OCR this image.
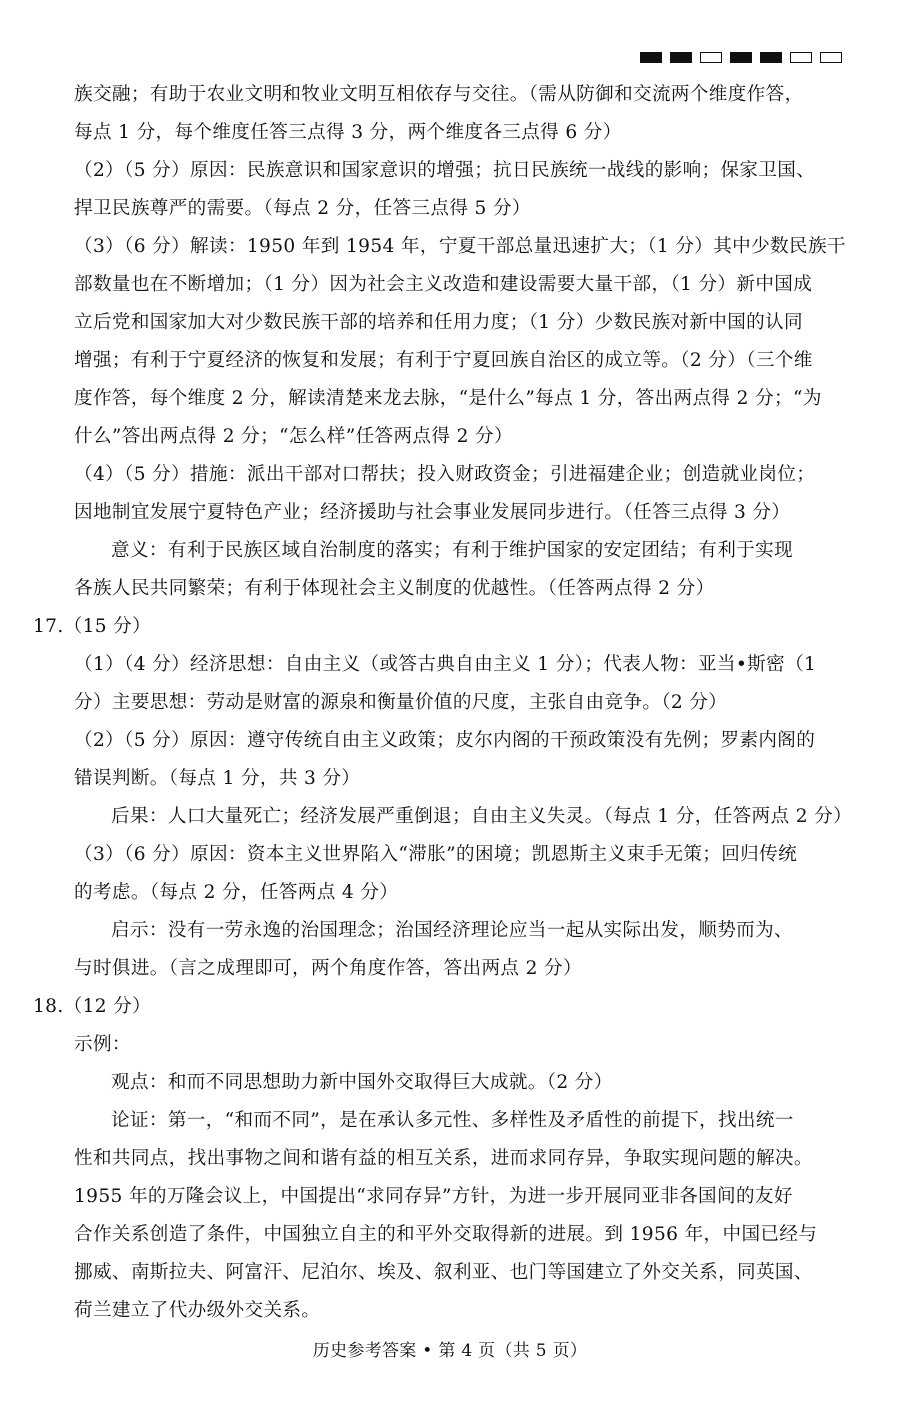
族交融；有助于农业文明和牧业文明互相依存与交往。（需从防御和交流两个维度作答，
每点 1 分，每个维度任答三点得 3 分，两个维度各三点得 6 分）
（2）（5 分）原因：民族意识和国家意识的增强；抗日民族统一战线的影响；保家卫国、
捍卫民族尊严的需要。（每点 2 分，任答三点得 5 分）
（3）（6 分）解读：1950 年到 1954 年，宁夏干部总量迅速扩大；（1 分）其中少数民族干
部数量也在不断增加；（1 分）因为社会主义改造和建设需要大量干部，（1 分）新中国成
立后党和国家加大对少数民族干部的培养和任用力度；（1 分）少数民族对新中国的认同
增强；有利于宁夏经济的恢复和发展；有利于宁夏回族自治区的成立等。（2 分）（三个维
度作答，每个维度 2 分，解读清楚来龙去脉，“是什么”每点 1 分，答出两点得 2 分；“为
什么”答出两点得 2 分；“怎么样”任答两点得 2 分）
（4）（5 分）措施：派出干部对口帮扶；投入财政资金；引进福建企业；创造就业岗位；
因地制宜发展宁夏特色产业；经济援助与社会事业发展同步进行。（任答三点得 3 分）
意义：有利于民族区域自治制度的落实；有利于维护国家的安定团结；有利于实现
各族人民共同繁荣；有利于体现社会主义制度的优越性。（任答两点得 2 分）
17.（15 分）
（1）（4 分）经济思想：自由主义（或答古典自由主义 1 分）；代表人物：亚当•斯密（1
分）主要思想：劳动是财富的源泉和衡量价值的尺度，主张自由竞争。（2 分）
（2）（5 分）原因：遵守传统自由主义政策；皮尔内阁的干预政策没有先例；罗素内阁的
错误判断。（每点 1 分，共 3 分）
后果：人口大量死亡；经济发展严重倒退；自由主义失灵。（每点 1 分，任答两点 2 分）
（3）（6 分）原因：资本主义世界陷入“滞胀”的困境；凯恩斯主义束手无策；回归传统
的考虑。（每点 2 分，任答两点 4 分）
启示：没有一劳永逸的治国理念；治国经济理论应当一起从实际出发，顺势而为、
与时俱进。（言之成理即可，两个角度作答，答出两点 2 分）
18.（12 分）
示例：
观点：和而不同思想助力新中国外交取得巨大成就。（2 分）
论证：第一，“和而不同”，是在承认多元性、多样性及矛盾性的前提下，找出统一
性和共同点，找出事物之间和谐有益的相互关系，进而求同存异，争取实现问题的解决。
1955 年的万隆会议上，中国提出“求同存异”方针，为进一步开展同亚非各国间的友好
合作关系创造了条件，中国独立自主的和平外交取得新的进展。到 1956 年，中国已经与
挪威、南斯拉夫、阿富汗、尼泊尔、埃及、叙利亚、也门等国建立了外交关系，同英国、
荷兰建立了代办级外交关系。
历史参考答案 • 第 4 页（共 5 页）
